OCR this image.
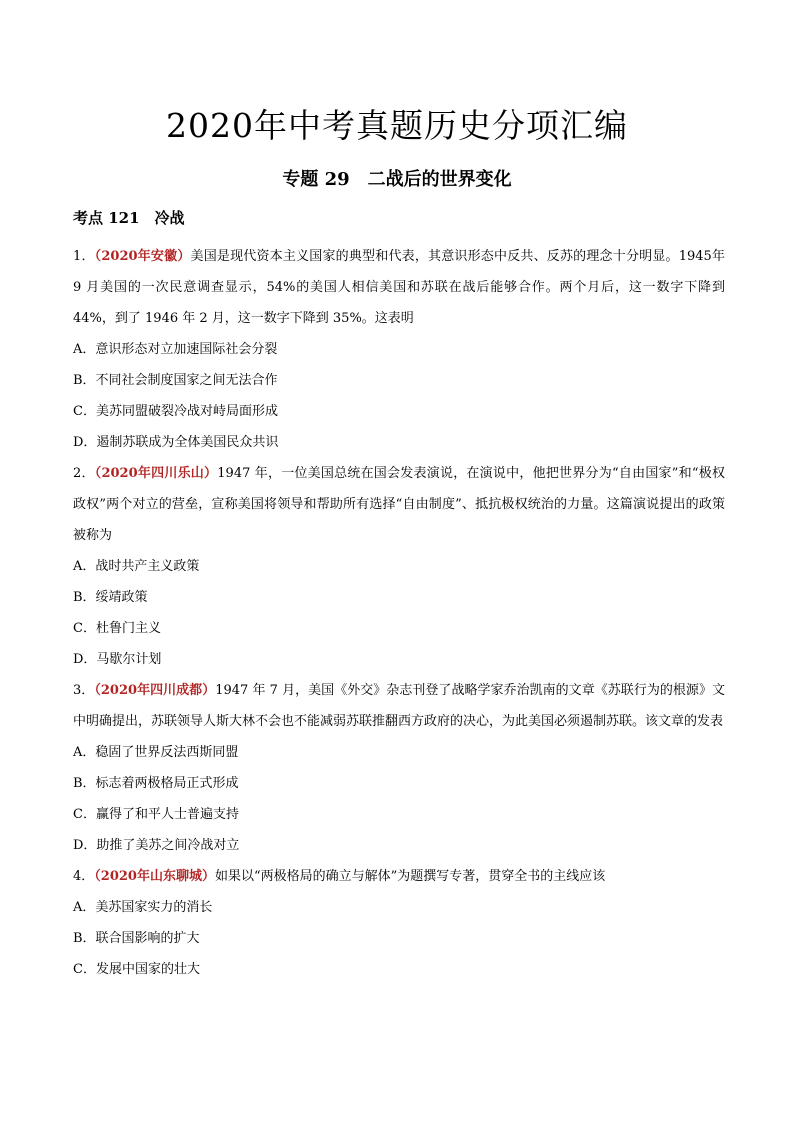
2020年中考真题历史分项汇编
专题 29　二战后的世界变化
考点 121　冷战

1．（2020年安徽）美国是现代资本主义国家的典型和代表，其意识形态中反共、反苏的理念十分明显。1945年 9 月美国的一次民意调查显示，54%的美国人相信美国和苏联在战后能够合作。两个月后，这一数字下降到 44%，到了 1946 年 2 月，这一数字下降到 35%。这表明

A．意识形态对立加速国际社会分裂

B．不同社会制度国家之间无法合作

C．美苏同盟破裂冷战对峙局面形成

D．遏制苏联成为全体美国民众共识

2．（2020年四川乐山）1947 年，一位美国总统在国会发表演说，在演说中，他把世界分为“自由国家”和“极权政权”两个对立的营垒，宣称美国将领导和帮助所有选择“自由制度”、抵抗极权统治的力量。这篇演说提出的政策被称为

A．战时共产主义政策

B．绥靖政策

C．杜鲁门主义

D．马歇尔计划

3．（2020年四川成都）1947 年 7 月，美国《外交》杂志刊登了战略学家乔治凯南的文章《苏联行为的根源》文中明确提出，苏联领导人斯大林不会也不能减弱苏联推翻西方政府的决心，为此美国必须遏制苏联。该文章的发表

A．稳固了世界反法西斯同盟

B．标志着两极格局正式形成

C．赢得了和平人士普遍支持

D．助推了美苏之间冷战对立

4．（2020年山东聊城）如果以“两极格局的确立与解体”为题撰写专著，贯穿全书的主线应该

A．美苏国家实力的消长

B．联合国影响的扩大

C．发展中国家的壮大
